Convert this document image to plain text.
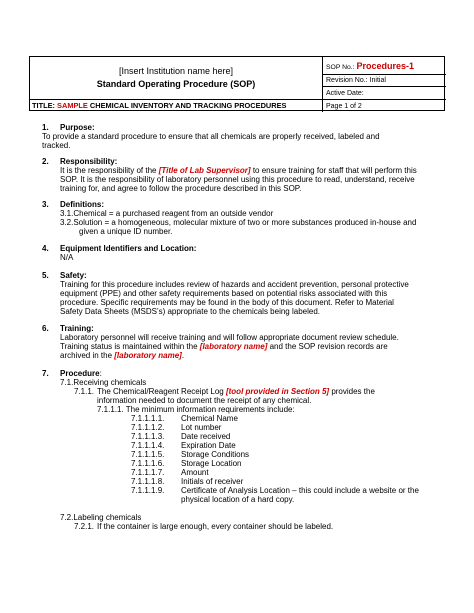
[Insert Institution name here]
Standard Operating Procedure (SOP)
TITLE: SAMPLE CHEMICAL INVENTORY AND TRACKING PROCEDURES
SOP No.: Procedures-1
Revision No.: Initial
Active Date:
Page 1 of 2
1. Purpose:
To provide a standard procedure to ensure that all chemicals are properly received, labeled and
tracked.
2. Responsibility:
It is the responsibility of the [Title of Lab Supervisor] to ensure training for staff that will perform this
SOP. It is the responsibility of laboratory personnel using this procedure to read, understand, receive
training for, and agree to follow the procedure described in this SOP.
3. Definitions:
3.1.Chemical = a purchased reagent from an outside vendor
3.2.Solution = a homogeneous, molecular mixture of two or more substances produced in-house and
given a unique ID number.
4. Equipment Identifiers and Location:
N/A
5. Safety:
Training for this procedure includes review of hazards and accident prevention, personal protective
equipment (PPE) and other safety requirements based on potential risks associated with this
procedure. Specific requirements may be found in the body of this document. Refer to Material
Safety Data Sheets (MSDS’s) appropriate to the chemicals being labeled.
6. Training:
Laboratory personnel will receive training and will follow appropriate document review schedule.
Training status is maintained within the [laboratory name] and the SOP revision records are
archived in the [laboratory name].
7. Procedure:
7.1.Receiving chemicals
7.1.1. The Chemical/Reagent Receipt Log [tool provided in Section 5] provides the
information needed to document the receipt of any chemical.
7.1.1.1. The minimum information requirements include:
7.1.1.1.1. Chemical Name
7.1.1.1.2. Lot number
7.1.1.1.3. Date received
7.1.1.1.4. Expiration Date
7.1.1.1.5. Storage Conditions
7.1.1.1.6. Storage Location
7.1.1.1.7. Amount
7.1.1.1.8. Initials of receiver
7.1.1.1.9. Certificate of Analysis Location – this could include a website or the
physical location of a hard copy.
7.2.Labeling chemicals
7.2.1. If the container is large enough, every container should be labeled.
